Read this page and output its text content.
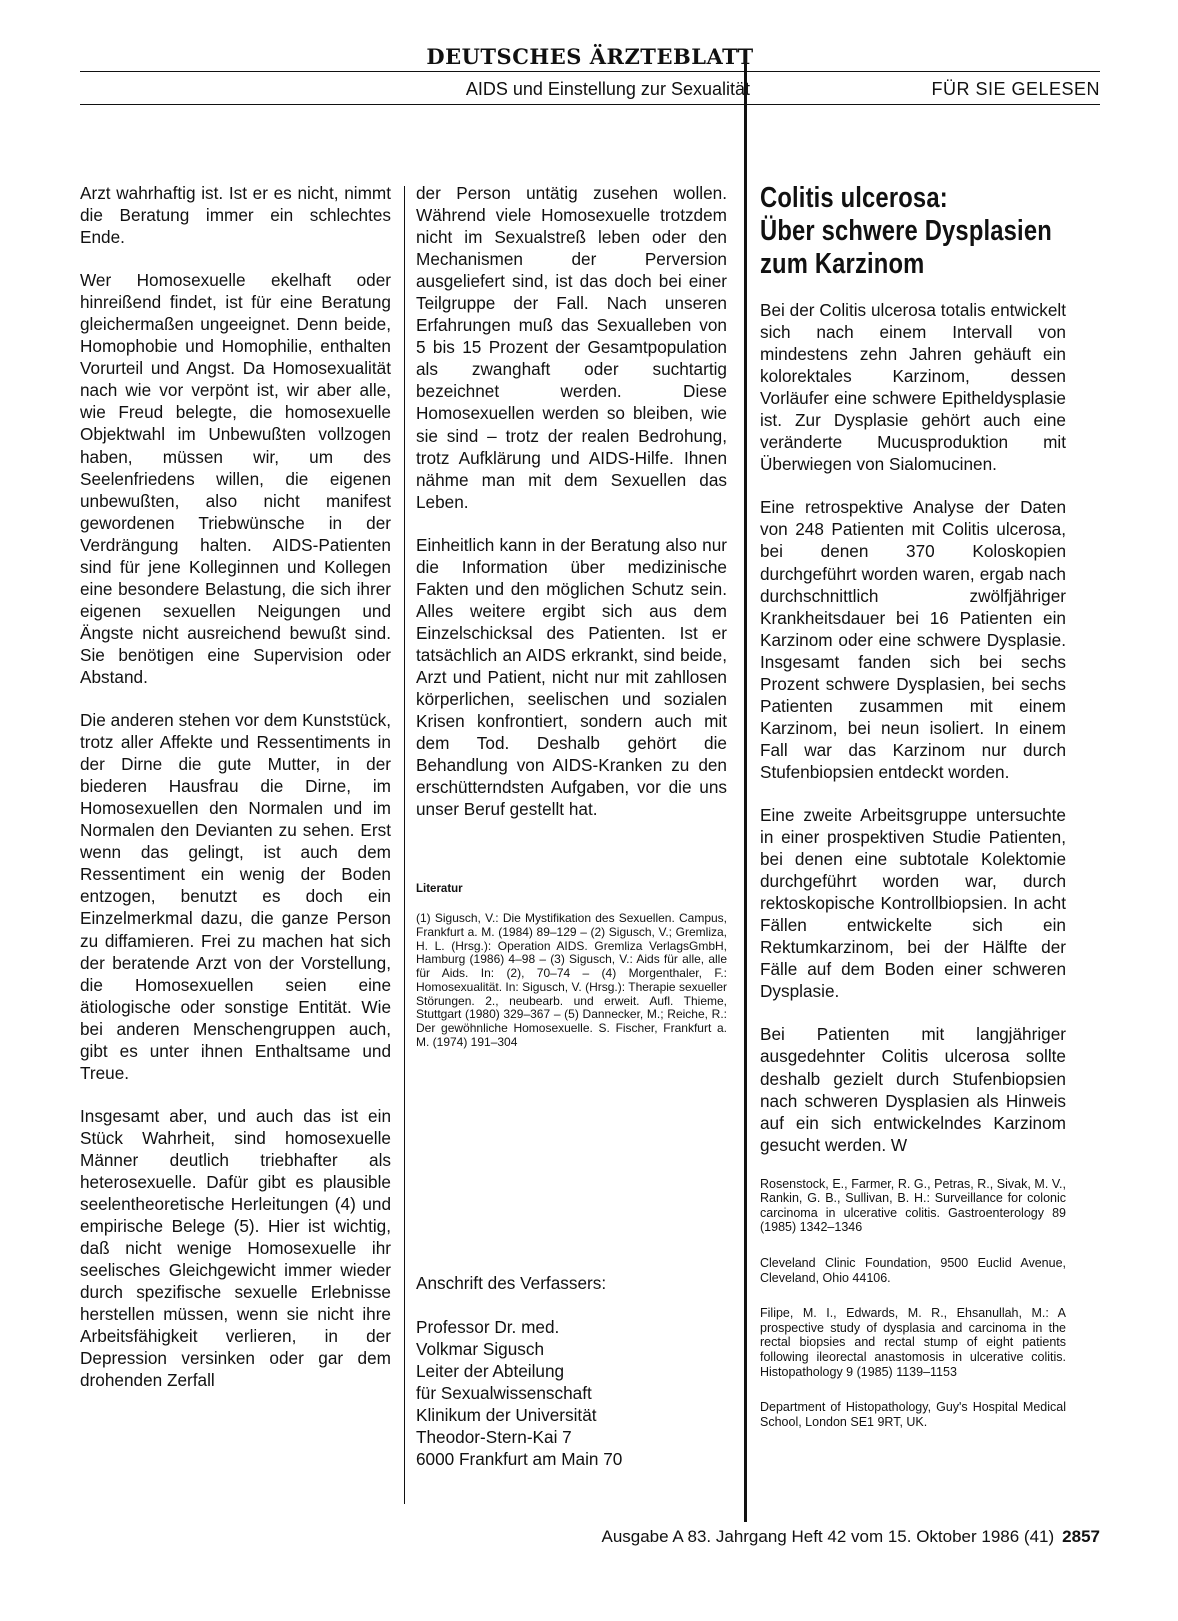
DEUTSCHES ÄRZTEBLATT
AIDS und Einstellung zur Sexualität	FÜR SIE GELESEN

Arzt wahrhaftig ist. Ist er es nicht, nimmt die Beratung immer ein schlechtes Ende.

Wer Homosexuelle ekelhaft oder hinreißend findet, ist für eine Beratung gleichermaßen ungeeignet. Denn beide, Homophobie und Homophilie, enthalten Vorurteil und Angst. Da Homosexualität nach wie vor verpönt ist, wir aber alle, wie Freud belegte, die homosexuelle Objektwahl im Unbewußten vollzogen haben, müssen wir, um des Seelenfriedens willen, die eigenen unbewußten, also nicht manifest gewordenen Triebwünsche in der Verdrängung halten. AIDS-Patienten sind für jene Kolleginnen und Kollegen eine besondere Belastung, die sich ihrer eigenen sexuellen Neigungen und Ängste nicht ausreichend bewußt sind. Sie benötigen eine Supervision oder Abstand.

Die anderen stehen vor dem Kunststück, trotz aller Affekte und Ressentiments in der Dirne die gute Mutter, in der biederen Hausfrau die Dirne, im Homosexuellen den Normalen und im Normalen den Devianten zu sehen. Erst wenn das gelingt, ist auch dem Ressentiment ein wenig der Boden entzogen, benutzt es doch ein Einzelmerkmal dazu, die ganze Person zu diffamieren. Frei zu machen hat sich der beratende Arzt von der Vorstellung, die Homosexuellen seien eine ätiologische oder sonstige Entität. Wie bei anderen Menschengruppen auch, gibt es unter ihnen Enthaltsame und Treue.

Insgesamt aber, und auch das ist ein Stück Wahrheit, sind homosexuelle Männer deutlich triebhafter als heterosexuelle. Dafür gibt es plausible seelentheoretische Herleitungen (4) und empirische Belege (5). Hier ist wichtig, daß nicht wenige Homosexuelle ihr seelisches Gleichgewicht immer wieder durch spezifische sexuelle Erlebnisse herstellen müssen, wenn sie nicht ihre Arbeitsfähigkeit verlieren, in der Depression versinken oder gar dem drohenden Zerfall

der Person untätig zusehen wollen. Während viele Homosexuelle trotzdem nicht im Sexualstreß leben oder den Mechanismen der Perversion ausgeliefert sind, ist das doch bei einer Teilgruppe der Fall. Nach unseren Erfahrungen muß das Sexualleben von 5 bis 15 Prozent der Gesamtpopulation als zwanghaft oder suchtartig bezeichnet werden. Diese Homosexuellen werden so bleiben, wie sie sind – trotz der realen Bedrohung, trotz Aufklärung und AIDS-Hilfe. Ihnen nähme man mit dem Sexuellen das Leben.

Einheitlich kann in der Beratung also nur die Information über medizinische Fakten und den möglichen Schutz sein. Alles weitere ergibt sich aus dem Einzelschicksal des Patienten. Ist er tatsächlich an AIDS erkrankt, sind beide, Arzt und Patient, nicht nur mit zahllosen körperlichen, seelischen und sozialen Krisen konfrontiert, sondern auch mit dem Tod. Deshalb gehört die Behandlung von AIDS-Kranken zu den erschütterndsten Aufgaben, vor die uns unser Beruf gestellt hat.

Literatur

(1) Sigusch, V.: Die Mystifikation des Sexuellen. Campus, Frankfurt a. M. (1984) 89–129 – (2) Sigusch, V.; Gremliza, H. L. (Hrsg.): Operation AIDS. Gremliza VerlagsGmbH, Hamburg (1986) 4–98 – (3) Sigusch, V.: Aids für alle, alle für Aids. In: (2), 70–74 – (4) Morgenthaler, F.: Homosexualität. In: Sigusch, V. (Hrsg.): Therapie sexueller Störungen. 2., neubearb. und erweit. Aufl. Thieme, Stuttgart (1980) 329–367 – (5) Dannecker, M.; Reiche, R.: Der gewöhnliche Homosexuelle. S. Fischer, Frankfurt a. M. (1974) 191–304

Anschrift des Verfassers:
Professor Dr. med.
Volkmar Sigusch
Leiter der Abteilung
für Sexualwissenschaft
Klinikum der Universität
Theodor-Stern-Kai 7
6000 Frankfurt am Main 70
Colitis ulcerosa:
Über schwere Dysplasien
zum Karzinom

Bei der Colitis ulcerosa totalis entwickelt sich nach einem Intervall von mindestens zehn Jahren gehäuft ein kolorektales Karzinom, dessen Vorläufer eine schwere Epitheldysplasie ist. Zur Dysplasie gehört auch eine veränderte Mucusproduktion mit Überwiegen von Sialomucinen.

Eine retrospektive Analyse der Daten von 248 Patienten mit Colitis ulcerosa, bei denen 370 Koloskopien durchgeführt worden waren, ergab nach durchschnittlich zwölfjähriger Krankheitsdauer bei 16 Patienten ein Karzinom oder eine schwere Dysplasie. Insgesamt fanden sich bei sechs Prozent schwere Dysplasien, bei sechs Patienten zusammen mit einem Karzinom, bei neun isoliert. In einem Fall war das Karzinom nur durch Stufenbiopsien entdeckt worden.

Eine zweite Arbeitsgruppe untersuchte in einer prospektiven Studie Patienten, bei denen eine subtotale Kolektomie durchgeführt worden war, durch rektoskopische Kontrollbiopsien. In acht Fällen entwickelte sich ein Rektumkarzinom, bei der Hälfte der Fälle auf dem Boden einer schweren Dysplasie.

Bei Patienten mit langjähriger ausgedehnter Colitis ulcerosa sollte deshalb gezielt durch Stufenbiopsien nach schweren Dysplasien als Hinweis auf ein sich entwickelndes Karzinom gesucht werden. W

Rosenstock, E., Farmer, R. G., Petras, R., Sivak, M. V., Rankin, G. B., Sullivan, B. H.: Surveillance for colonic carcinoma in ulcerative colitis. Gastroenterology 89 (1985) 1342–1346

Cleveland Clinic Foundation, 9500 Euclid Avenue, Cleveland, Ohio 44106.

Filipe, M. I., Edwards, M. R., Ehsanullah, M.: A prospective study of dysplasia and carcinoma in the rectal biopsies and rectal stump of eight patients following ileorectal anastomosis in ulcerative colitis. Histopathology 9 (1985) 1139–1153

Department of Histopathology, Guy's Hospital Medical School, London SE1 9RT, UK.

Ausgabe A 83. Jahrgang Heft 42 vom 15. Oktober 1986 (41) 2857
